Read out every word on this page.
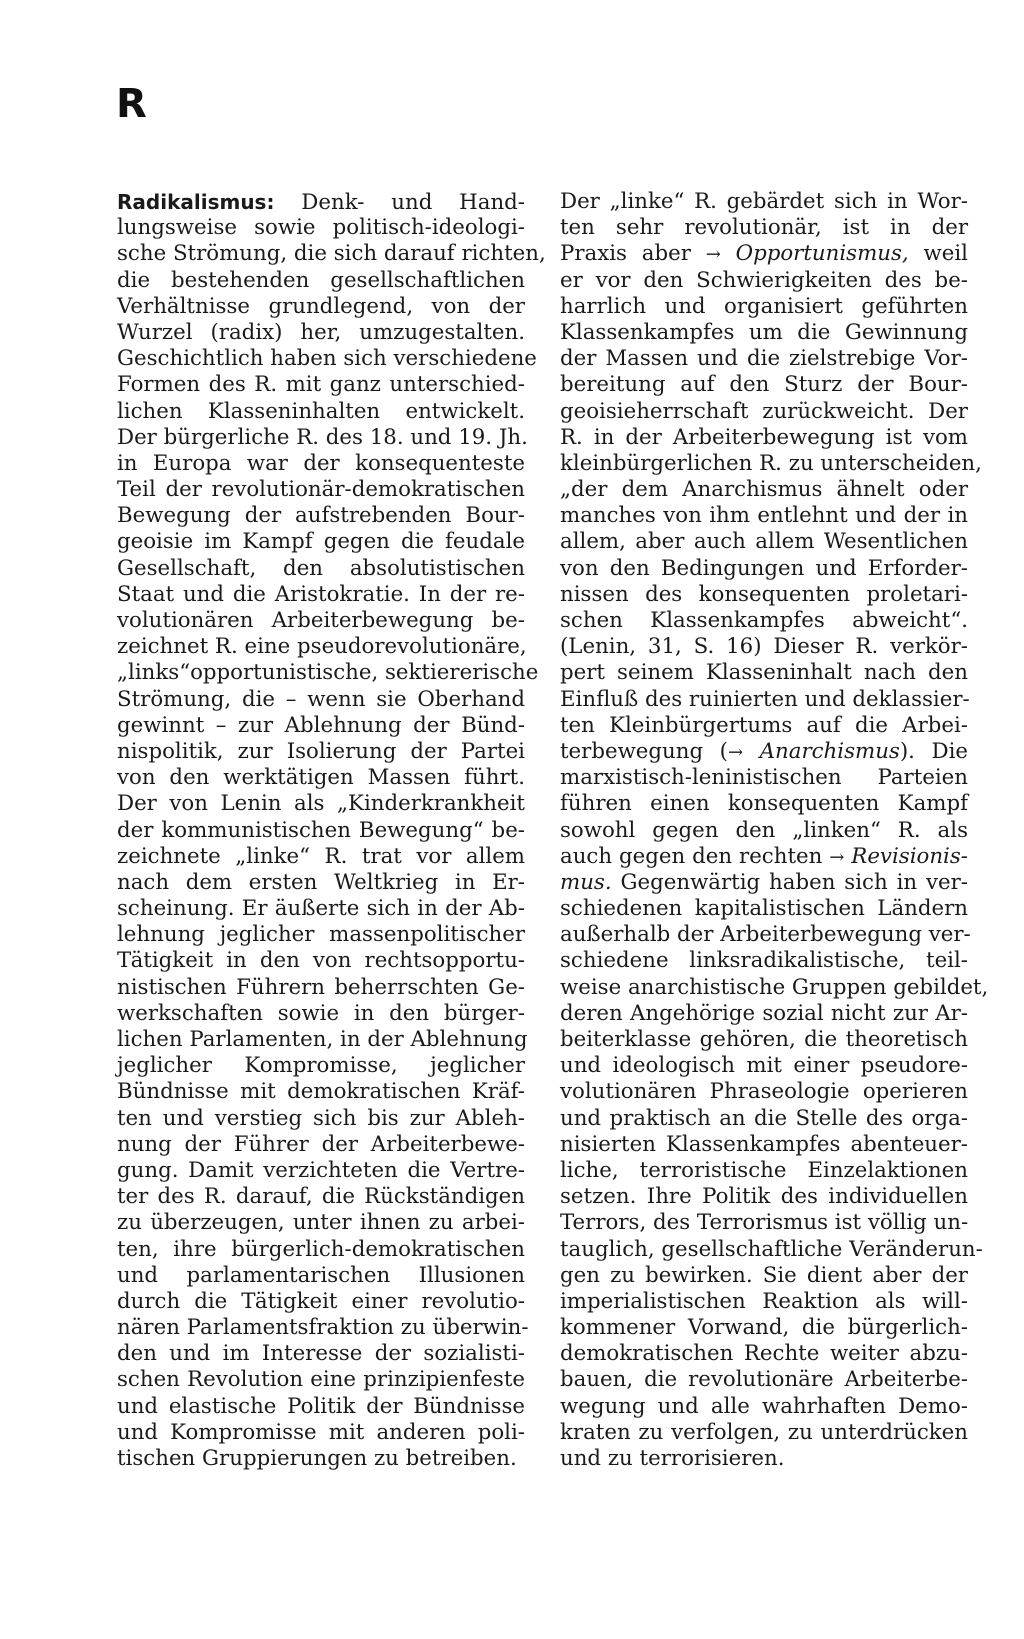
R
Radikalismus: Denk- und Hand-
lungsweise sowie politisch-ideologi-
sche Strömung, die sich darauf richten,
die bestehenden gesellschaftlichen
Verhältnisse grundlegend, von der
Wurzel (radix) her, umzugestalten.
Geschichtlich haben sich verschiedene
Formen des R. mit ganz unterschied-
lichen Klasseninhalten entwickelt.
Der bürgerliche R. des 18. und 19. Jh.
in Europa war der konsequenteste
Teil der revolutionär-demokratischen
Bewegung der aufstrebenden Bour-
geoisie im Kampf gegen die feudale
Gesellschaft, den absolutistischen
Staat und die Aristokratie. In der re-
volutionären Arbeiterbewegung be-
zeichnet R. eine pseudorevolutionäre,
„links“opportunistische, sektiererische
Strömung, die – wenn sie Oberhand
gewinnt – zur Ablehnung der Bünd-
nispolitik, zur Isolierung der Partei
von den werktätigen Massen führt.
Der von Lenin als „Kinderkrankheit
der kommunistischen Bewegung“ be-
zeichnete „linke“ R. trat vor allem
nach dem ersten Weltkrieg in Er-
scheinung. Er äußerte sich in der Ab-
lehnung jeglicher massenpolitischer
Tätigkeit in den von rechtsopportu-
nistischen Führern beherrschten Ge-
werkschaften sowie in den bürger-
lichen Parlamenten, in der Ablehnung
jeglicher Kompromisse, jeglicher
Bündnisse mit demokratischen Kräf-
ten und verstieg sich bis zur Ableh-
nung der Führer der Arbeiterbewe-
gung. Damit verzichteten die Vertre-
ter des R. darauf, die Rückständigen
zu überzeugen, unter ihnen zu arbei-
ten, ihre bürgerlich-demokratischen
und parlamentarischen Illusionen
durch die Tätigkeit einer revolutio-
nären Parlamentsfraktion zu überwin-
den und im Interesse der sozialisti-
schen Revolution eine prinzipienfeste
und elastische Politik der Bündnisse
und Kompromisse mit anderen poli-
tischen Gruppierungen zu betreiben.
Der „linke“ R. gebärdet sich in Wor-
ten sehr revolutionär, ist in der
Praxis aber → Opportunismus, weil
er vor den Schwierigkeiten des be-
harrlich und organisiert geführten
Klassenkampfes um die Gewinnung
der Massen und die zielstrebige Vor-
bereitung auf den Sturz der Bour-
geoisieherrschaft zurückweicht. Der
R. in der Arbeiterbewegung ist vom
kleinbürgerlichen R. zu unterscheiden,
„der dem Anarchismus ähnelt oder
manches von ihm entlehnt und der in
allem, aber auch allem Wesentlichen
von den Bedingungen und Erforder-
nissen des konsequenten proletari-
schen Klassenkampfes abweicht“.
(Lenin, 31, S. 16) Dieser R. verkör-
pert seinem Klasseninhalt nach den
Einfluß des ruinierten und deklassier-
ten Kleinbürgertums auf die Arbei-
terbewegung (→ Anarchismus). Die
marxistisch-leninistischen Parteien
führen einen konsequenten Kampf
sowohl gegen den „linken“ R. als
auch gegen den rechten → Revisionis-
mus. Gegenwärtig haben sich in ver-
schiedenen kapitalistischen Ländern
außerhalb der Arbeiterbewegung ver-
schiedene linksradikalistische, teil-
weise anarchistische Gruppen gebildet,
deren Angehörige sozial nicht zur Ar-
beiterklasse gehören, die theoretisch
und ideologisch mit einer pseudore-
volutionären Phraseologie operieren
und praktisch an die Stelle des orga-
nisierten Klassenkampfes abenteuer-
liche, terroristische Einzelaktionen
setzen. Ihre Politik des individuellen
Terrors, des Terrorismus ist völlig un-
tauglich, gesellschaftliche Veränderun-
gen zu bewirken. Sie dient aber der
imperialistischen Reaktion als will-
kommener Vorwand, die bürgerlich-
demokratischen Rechte weiter abzu-
bauen, die revolutionäre Arbeiterbe-
wegung und alle wahrhaften Demo-
kraten zu verfolgen, zu unterdrücken
und zu terrorisieren.
